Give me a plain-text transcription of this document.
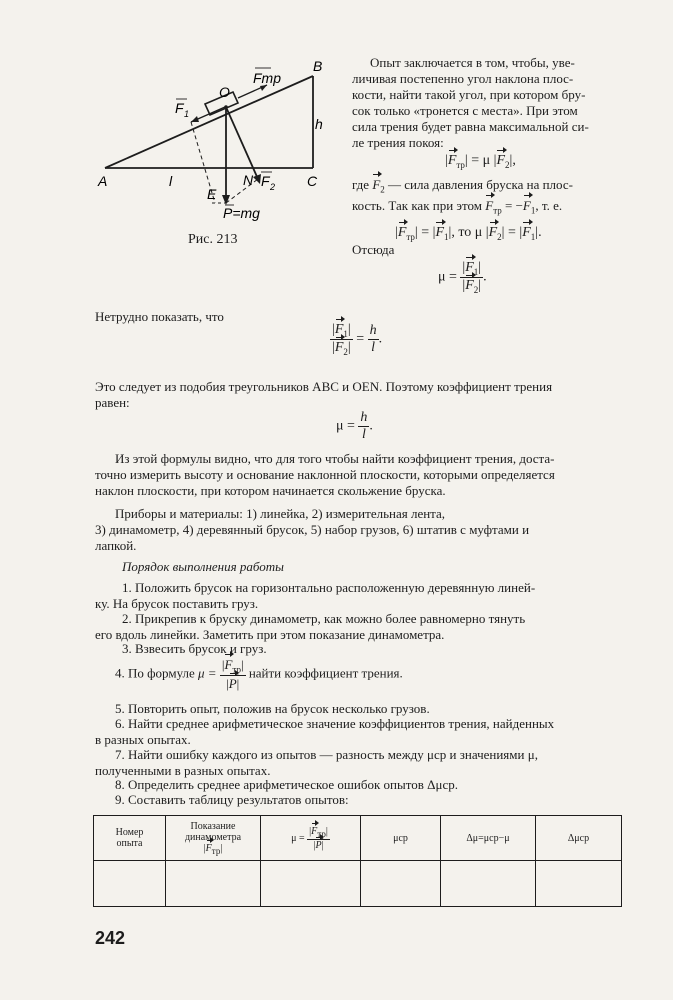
B
h
A	l	C
E
N
O
F 1
F 2
Fmp
P=mg
Рис. 213
Опыт заключается в том, чтобы, уве-
личивая постепенно угол наклона плос-
кости, найти такой угол, при котором бру-
сок только «тронется с места». При этом
сила трения будет равна максимальной си-
ле трения покоя:
$|F_{тр}| = \mu$ $|F_2|$,
где $F_2$ — сила давления бруска на плос-
кость. Так как при этом $F_{тр} = -F_1$, т. е.
$|F_{тр}| = |F_1|$, то μ $|F_2| = |F_1|$.
Отсюда
$\mu = \frac{|F_1|}{|F_2|}$ .
Нетрудно показать, что
$\frac{|F_1|}{|F_2|} = \frac{h}{l}$ .
Это следует из подобия треугольников ABC и OEN. Поэтому коэффициент трения
равен:
$\mu = \frac{h}{l}$ .
Из этой формулы видно, что для того чтобы найти коэффициент трения, доста-
точно измерить высоту и основание наклонной плоскости, которыми определяется
наклон плоскости, при котором начинается скольжение бруска.
Приборы и материалы: 1) линейка, 2) измерительная лента,
3) динамометр, 4) деревянный брусок, 5) набор грузов, 6) штатив с муфтами и
лапкой.
Порядок выполнения работы
1. Положить брусок на горизонтально расположенную деревянную линей-
ку. На брусок поставить груз.
2. Прикрепив к бруску динамометр, как можно более равномерно тянуть
его вдоль линейки. Заметить при этом показание динамометра.
3. Взвесить брусок и груз.
4. По формуле $\mu = \frac{|F_{тр}|}{|P|}$ найти коэффициент трения.
5. Повторить опыт, положив на брусок несколько грузов.
6. Найти среднее арифметическое значение коэффициентов трения, найденных
в разных опытах.
7. Найти ошибку каждого из опытов — разность между μср и значениями μ,
полученными в разных опытах.
8. Определить среднее арифметическое ошибок опытов Δμср.
9. Составить таблицу результатов опытов:
Номер
опыта	Показание
динамометра
$|F_{тр}|$	$\mu = \frac{|F_{тр}|}{|P|}$	μср	Δμ=μср−μ	Δμср

242
